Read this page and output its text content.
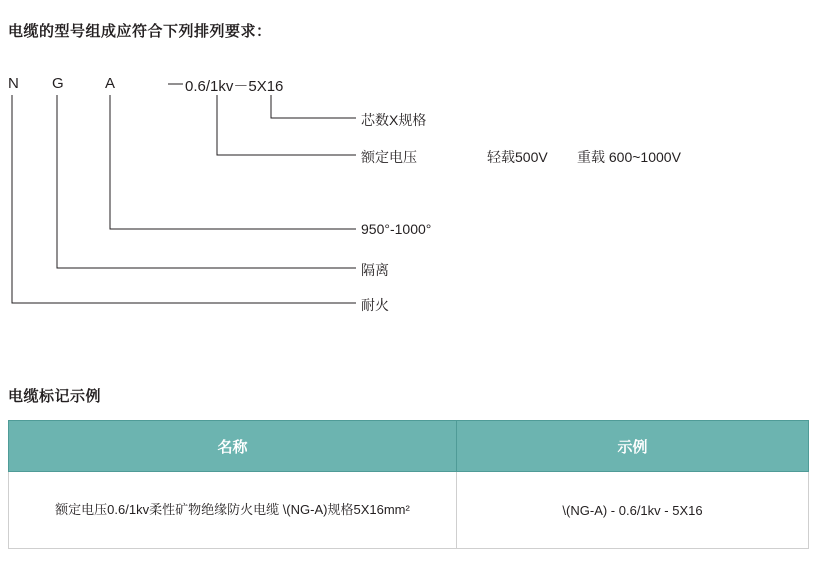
电缆的型号组成应符合下列排列要求：
N G	A	— 0.6/1kv－5X16
芯数X规格
额定电压	轻载500V 重载 600~1000V
950°-1000°
隔离
耐火
电缆标记示例
名称	示例

额定电压0.6/1kv柔性矿物绝缘防火电缆 \(NG-A)规格5X16mm²	\(NG-A) - 0.6/1kv - 5X16
